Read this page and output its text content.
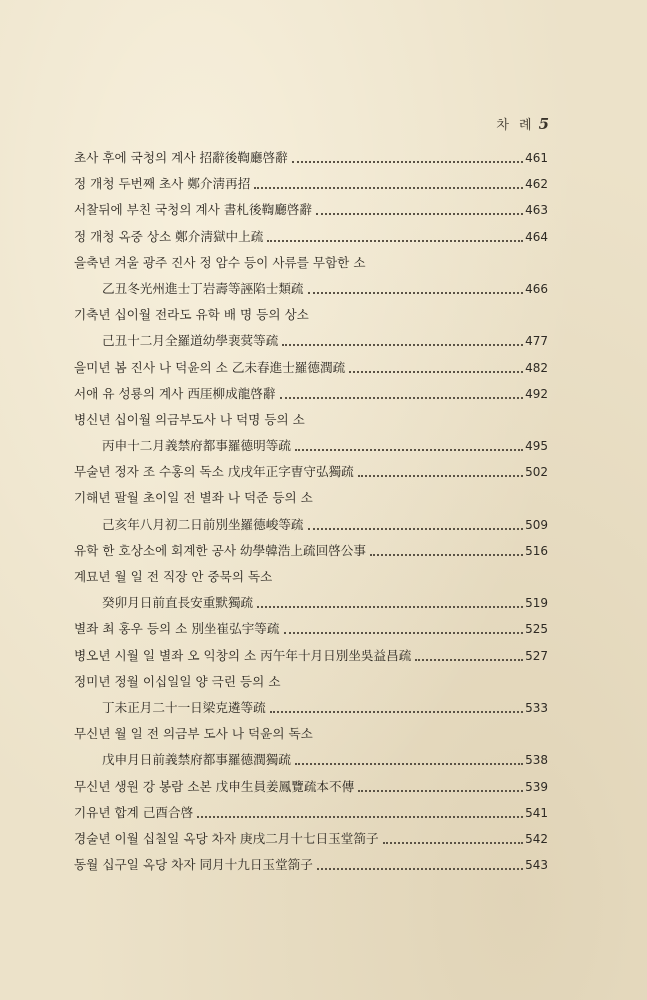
차 례 5
초사 후에 국청의 계사 招辭後鞫廳啓辭	461
정 개청 두번째 초사 鄭介淸再招	462
서찰뒤에 부친 국청의 계사 書札後鞫廳啓辭	463
정 개청 옥중 상소 鄭介淸獄中上疏	464
을축년 겨울 광주 진사 정 암수 등이 사류를 무함한 소
乙丑冬光州進士丁岩壽等誣陷士類疏	466
기축년 십이월 전라도 유학 배 명 등의 상소
己丑十二月全羅道幼學裵蓂等疏	477
을미년 봄 진사 나 덕윤의 소 乙未春進士羅德潤疏	482
서애 유 성룡의 계사 西厓柳成龍啓辭	492
병신년 십이월 의금부도사 나 덕명 등의 소
丙申十二月義禁府都事羅德明等疏	495
무술년 정자 조 수홍의 독소 戊戌年正字曺守弘獨疏	502
기해년 팔월 초이일 전 별좌 나 덕준 등의 소
己亥年八月初二日前別坐羅德峻等疏	509
유학 한 호상소에 회계한 공사 幼學韓浩上疏回啓公事	516
계묘년 월 일 전 직장 안 중묵의 독소
癸卯月日前直長安重默獨疏	519
별좌 최 홍우 등의 소 別坐崔弘宇等疏	525
병오년 시월 일 별좌 오 익창의 소 丙午年十月日別坐吳益昌疏	527
정미년 정월 이십일일 양 극린 등의 소
丁未正月二十一日梁克遴等疏	533
무신년 월 일 전 의금부 도사 나 덕윤의 독소
戊申月日前義禁府都事羅德潤獨疏	538
무신년 생원 강 봉람 소본 戊申生員姜鳳覽疏本不傳	539
기유년 합계 己酉合啓	541
경술년 이월 십칠일 옥당 차자 庚戌二月十七日玉堂箚子	542
동월 십구일 옥당 차자 同月十九日玉堂箚子	543
